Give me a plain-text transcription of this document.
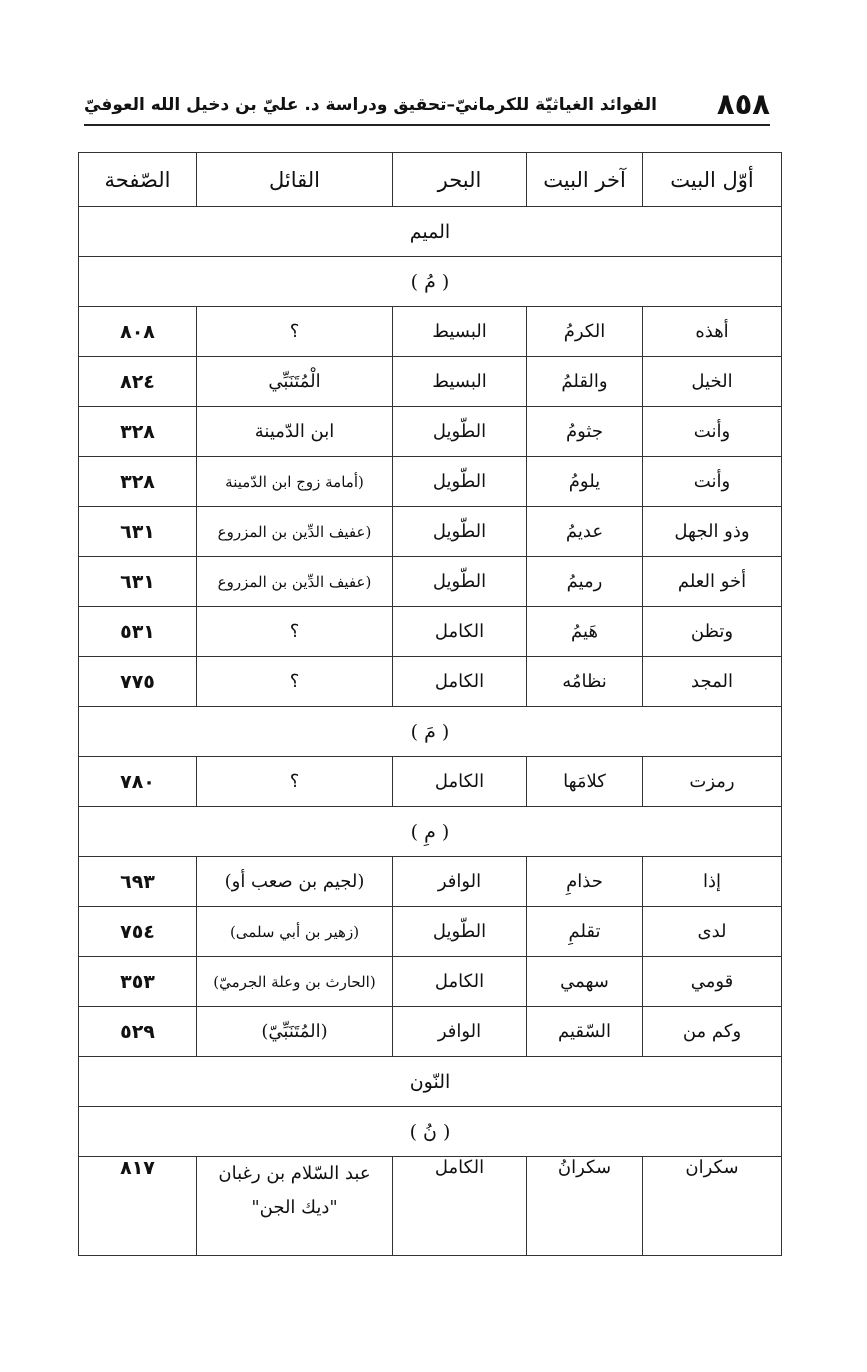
٨٥٨
الفوائد الغياثيّة للكرمانيّ–تحقيق ودراسة د. عليّ بن دخيل الله العوفيّ
أوّل البيت	آخر البيت	البحر	القائل	الصّفحة
الميم				
( مُ )				
أهذه	الكرمُ	البسيط	؟	٨٠٨
الخيل	والقلمُ	البسيط	الْمُتَنَبِّي	٨٢٤
وأنت	جثومُ	الطّويل	ابن الدّمينة	٣٢٨
وأنت	يلومُ	الطّويل	(أمامة زوج ابن الدّمينة	٣٢٨
وذو الجهل	عديمُ	الطّويل	(عفيف الدِّين بن المزروع	٦٣١
أخو العلم	رميمُ	الطّويل	(عفيف الدِّين بن المزروع	٦٣١
وتظن	هَيمُ	الكامل	؟	٥٣١
المجد	نظامُه	الكامل	؟	٧٧٥
( مَ )				
رمزت	كلامَها	الكامل	؟	٧٨٠
( مِ )				
إذا	حذامِ	الوافر	(لجيم بن صعب أو)	٦٩٣
لدى	تقلمِ	الطّويل	(زهير بن أبي سلمى)	٧٥٤
قومي	سهمي	الكامل	(الحارث بن وعلة الجرميّ)	٣٥٣
وكم من	السّقيم	الوافر	(المُتَنَبِّيّ)	٥٢٩
النّون				
( نُ )				
سكران	سكرانُ	الكامل	عبد السّلام بن رغبان "ديك الجن"	٨١٧
